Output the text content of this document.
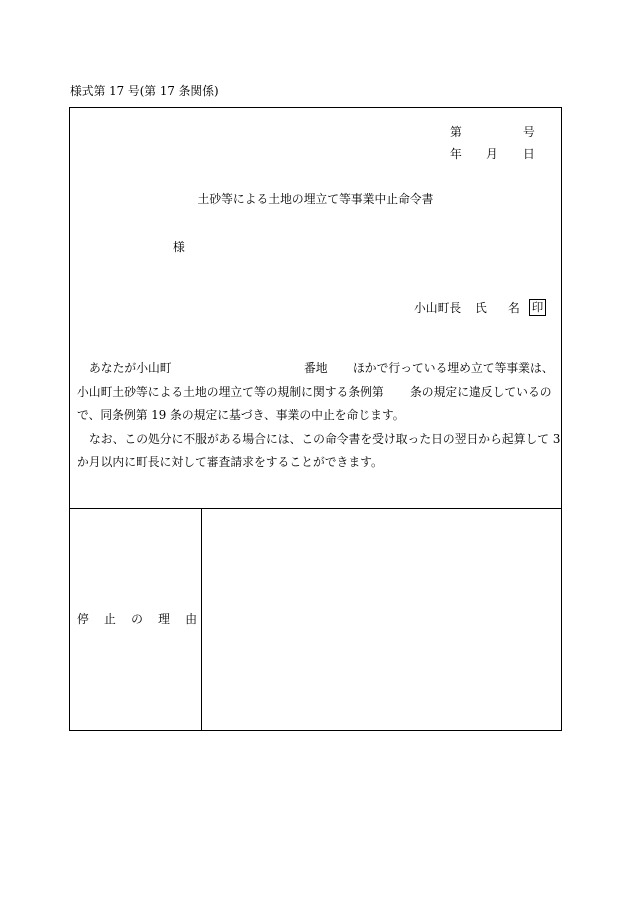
様式第 17 号(第 17 条関係)
第	号
年 月 日
土砂等による土地の埋立て等事業中止命令書
様
小山町長 氏 名 印
あなたが小山町	番地 ほかで行っている埋め立て等事業は、
小山町土砂等による土地の埋立て等の規制に関する条例第 条の規定に違反しているの
で、同条例第 19 条の規定に基づき、事業の中止を命じます。
なお、この処分に不服がある場合には、この命令書を受け取った日の翌日から起算して 3
か月以内に町長に対して審査請求をすることができます。
停 止 の 理 由
